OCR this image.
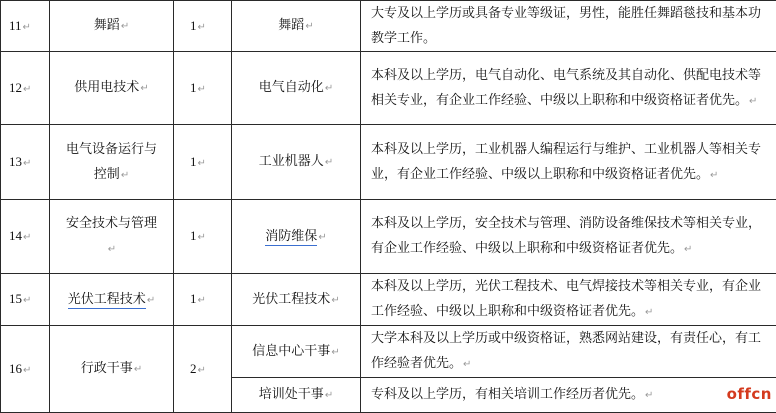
11↵	舞蹈↵	1↵	舞蹈↵	大专及以上学历或具备专业等级证，男性，能胜任舞蹈毯技和基本功教学工作。
12↵	供用电技术↵	1↵	电气自动化↵	本科及以上学历，电气自动化、电气系统及其自动化、供配电技术等相关专业，有企业工作经验、中级以上职称和中级资格证者优先。↵
13↵	电气设备运行与控制↵	1↵	工业机器人↵	本科及以上学历，工业机器人编程运行与维护、工业机器人等相关专业，有企业工作经验、中级以上职称和中级资格证者优先。↵
14↵	安全技术与管理↵	1↵	消防维保↵	本科及以上学历，安全技术与管理、消防设备维保技术等相关专业，有企业工作经验、中级以上职称和中级资格证者优先。↵
15↵	光伏工程技术↵	1↵	光伏工程技术↵	本科及以上学历，光伏工程技术、电气焊接技术等相关专业，有企业工作经验、中级以上职称和中级资格证者优先。↵
16↵	行政干事↵	2↵	信息中心干事↵	大学本科及以上学历或中级资格证，熟悉网站建设，有责任心，有工作经验者优先。↵
			培训处干事↵	专科及以上学历，有相关培训工作经历者优先。↵	offcn
